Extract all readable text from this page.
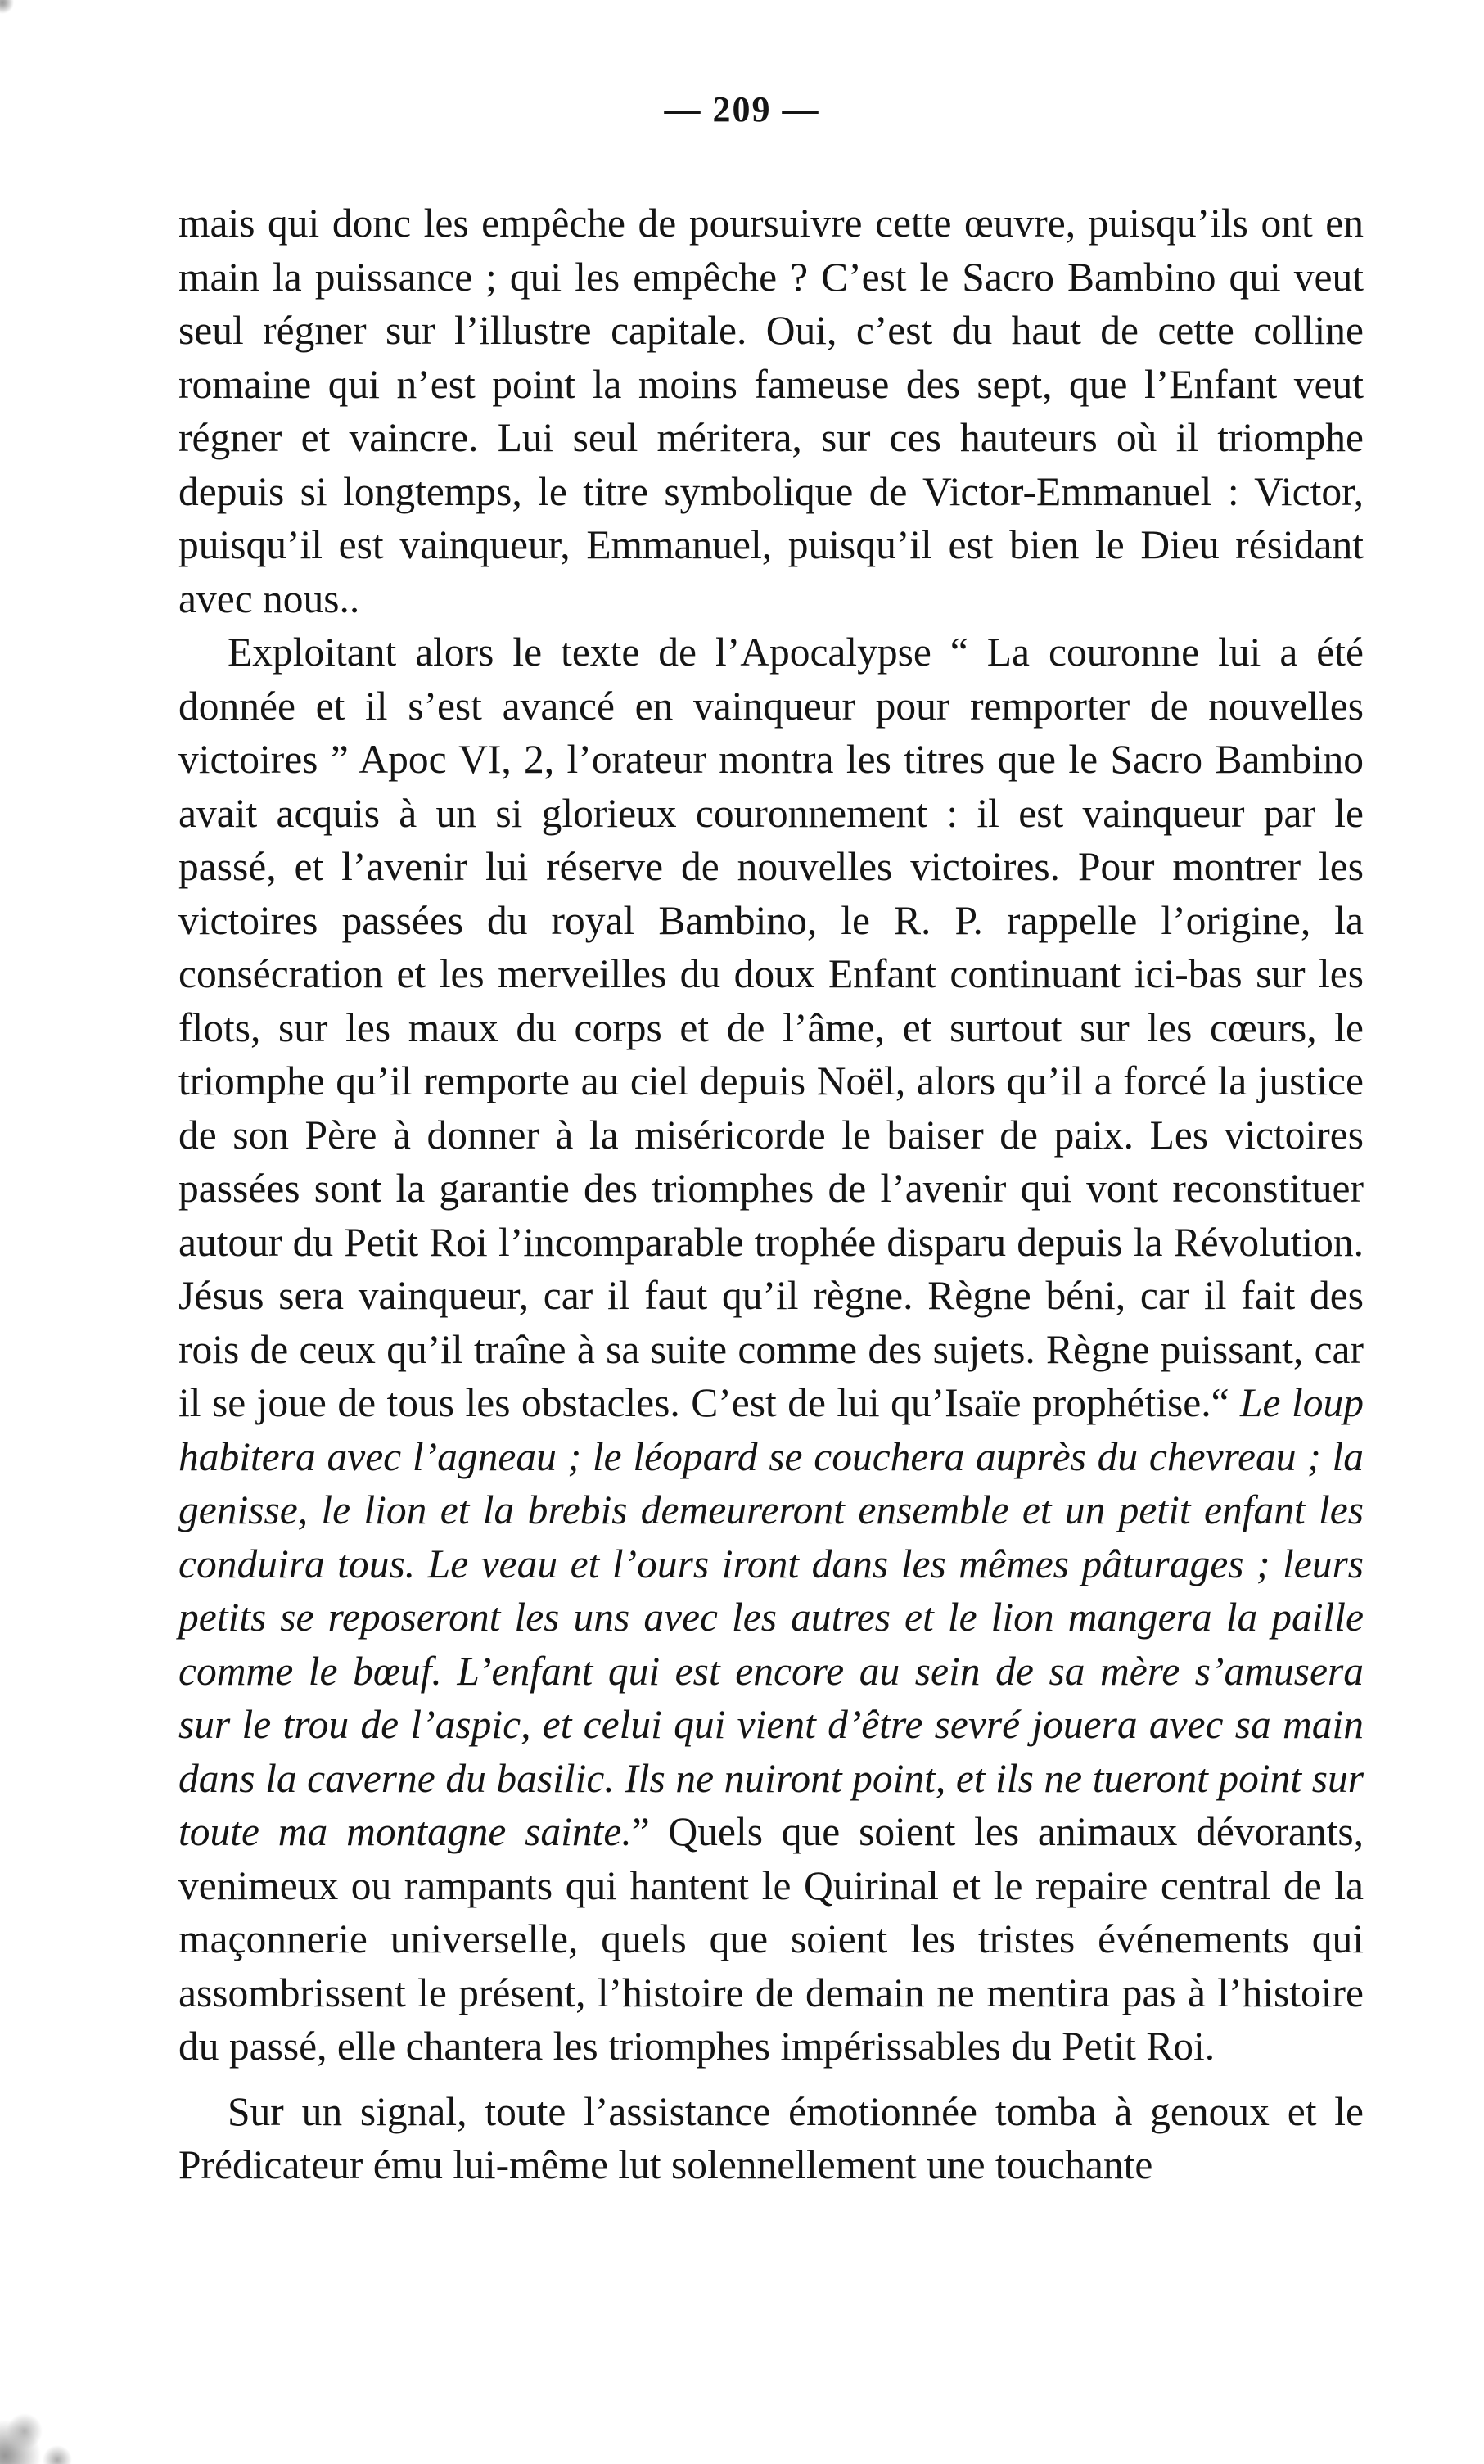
— 209 —

mais qui donc les empêche de poursuivre cette œuvre, puisqu’ils ont en main la puissance ; qui les empêche ? C’est le Sacro Bambino qui veut seul régner sur l’illustre capitale. Oui, c’est du haut de cette colline romaine qui n’est point la moins fameuse des sept, que l’Enfant veut régner et vaincre. Lui seul méritera, sur ces hauteurs où il triomphe depuis si longtemps, le titre symbolique de Victor-Emmanuel : Victor, puisqu’il est vainqueur, Emmanuel, puisqu’il est bien le Dieu résidant avec nous..

Exploitant alors le texte de l’Apocalypse “ La couronne lui a été donnée et il s’est avancé en vainqueur pour remporter de nouvelles victoires ” Apoc VI, 2, l’orateur montra les titres que le Sacro Bambino avait acquis à un si glorieux couronnement : il est vainqueur par le passé, et l’avenir lui réserve de nouvelles victoires. Pour montrer les victoires passées du royal Bambino, le R. P. rappelle l’origine, la consécration et les merveilles du doux Enfant continuant ici-bas sur les flots, sur les maux du corps et de l’âme, et surtout sur les cœurs, le triomphe qu’il remporte au ciel depuis Noël, alors qu’il a forcé la justice de son Père à donner à la miséricorde le baiser de paix. Les victoires passées sont la garantie des triomphes de l’avenir qui vont reconstituer autour du Petit Roi l’incomparable trophée disparu depuis la Révolution. Jésus sera vainqueur, car il faut qu’il règne. Règne béni, car il fait des rois de ceux qu’il traîne à sa suite comme des sujets. Règne puissant, car il se joue de tous les obstacles. C’est de lui qu’Isaïe prophétise.“ Le loup habitera avec l’agneau ; le léopard se couchera auprès du chevreau ; la genisse, le lion et la brebis demeureront ensemble et un petit enfant les conduira tous. Le veau et l’ours iront dans les mêmes pâturages ; leurs petits se reposeront les uns avec les autres et le lion mangera la paille comme le bœuf. L’enfant qui est encore au sein de sa mère s’amusera sur le trou de l’aspic, et celui qui vient d’être sevré jouera avec sa main dans la caverne du basilic. Ils ne nuiront point, et ils ne tueront point sur toute ma montagne sainte.” Quels que soient les animaux dévorants, venimeux ou rampants qui hantent le Quirinal et le repaire central de la maçonnerie universelle, quels que soient les tristes événements qui assombrissent le présent, l’histoire de demain ne mentira pas à l’histoire du passé, elle chantera les triomphes impérissables du Petit Roi.

Sur un signal, toute l’assistance émotionnée tomba à genoux et le Prédicateur ému lui-même lut solennellement une touchante
